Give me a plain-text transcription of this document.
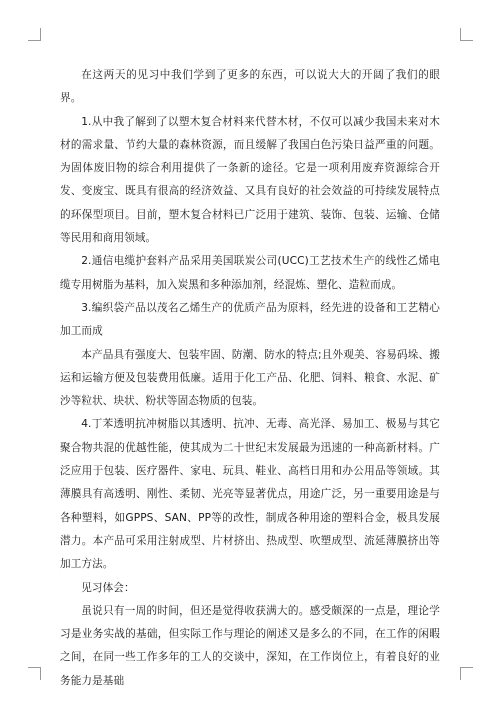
在这两天的见习中我们学到了更多的东西，可以说大大的开阔了我们的眼界。

1.从中我了解到了以塑木复合材料来代替木材，不仅可以减少我国未来对木材的需求量、节约大量的森林资源，而且缓解了我国白色污染日益严重的问题。为固体废旧物的综合利用提供了一条新的途径。它是一项利用废弃资源综合开发、变废宝、既具有很高的经济效益、又具有良好的社会效益的可持续发展特点的环保型项目。目前，塑木复合材料已广泛用于建筑、装饰、包装、运输、仓储等民用和商用领域。

2.通信电缆护套料产品采用美国联炭公司(UCC)工艺技术生产的线性乙烯电缆专用树脂为基料，加入炭黑和多种添加剂，经混炼、塑化、造粒而成。

3.编织袋产品以茂名乙烯生产的优质产品为原料，经先进的设备和工艺精心加工而成

本产品具有强度大、包装牢固、防潮、防水的特点;且外观美、容易码垛、搬运和运输方便及包装费用低廉。适用于化工产品、化肥、饲料、粮食、水泥、矿沙等粒状、块状、粉状等固态物质的包装。

4.丁苯透明抗冲树脂以其透明、抗冲、无毒、高光泽、易加工、极易与其它聚合物共混的优越性能，使其成为二十世纪末发展最为迅速的一种高新材料。广泛应用于包装、医疗器件、家电、玩具、鞋业、高档日用和办公用品等领域。其薄膜具有高透明、刚性、柔韧、光亮等显著优点，用途广泛，另一重要用途是与各种塑料，如GPPS、SAN、PP等的改性，制成各种用途的塑料合金，极具发展潜力。本产品可采用注射成型、片材挤出、热成型、吹塑成型、流延薄膜挤出等加工方法。

见习体会：

虽说只有一周的时间，但还是觉得收获满大的。感受颇深的一点是，理论学习是业务实战的基础，但实际工作与理论的阐述又是多么的不同，在工作的闲暇之间，在同一些工作多年的工人的交谈中，深知，在工作岗位上，有着良好的业务能力是基础
